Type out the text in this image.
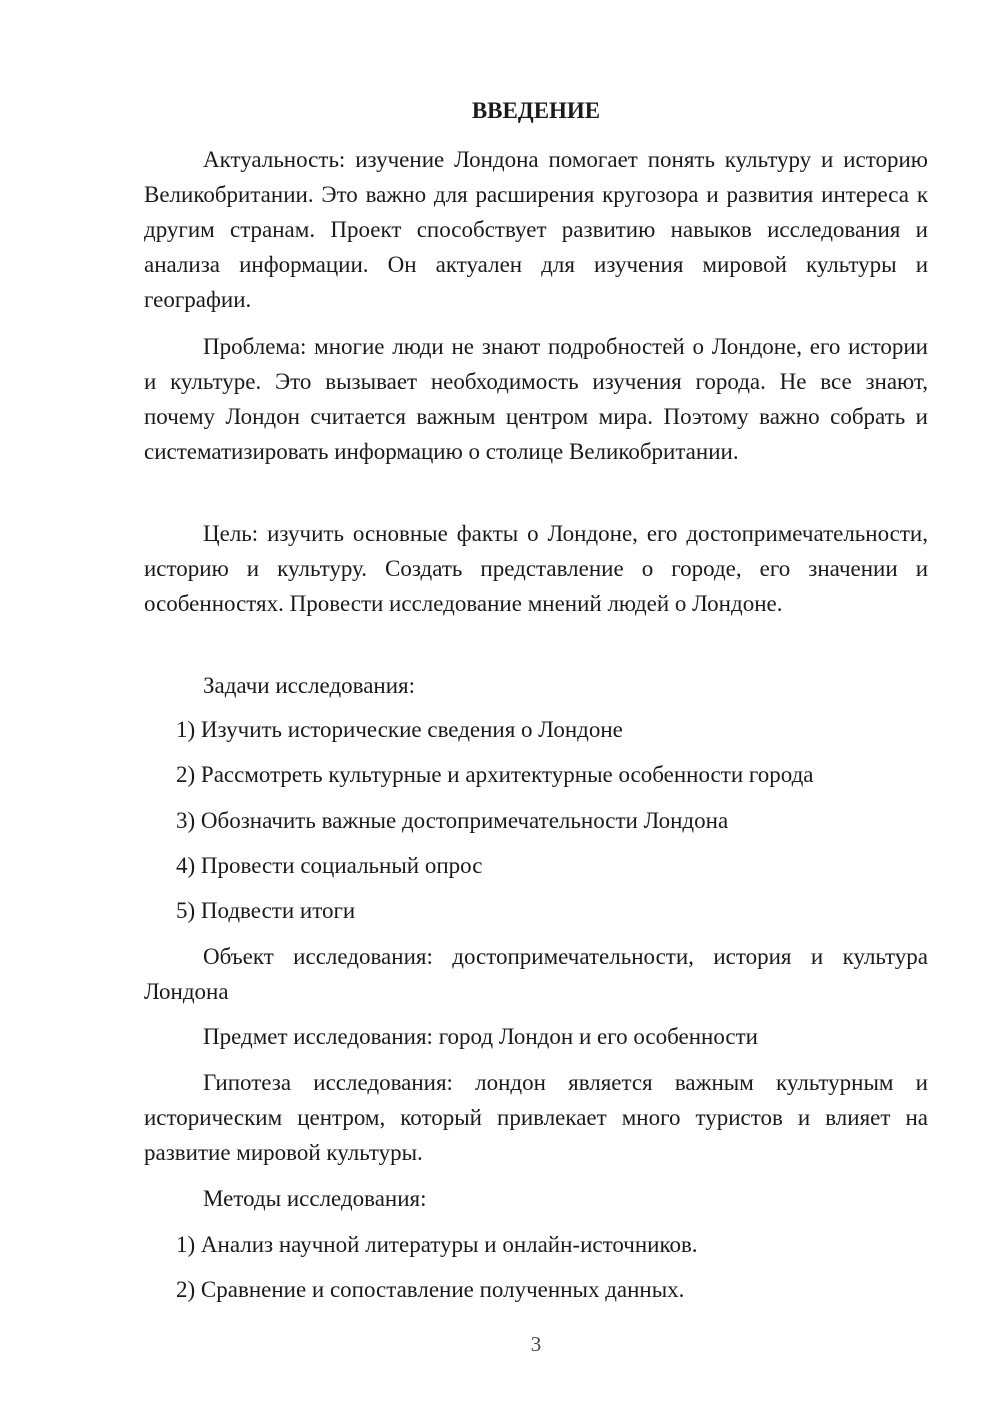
ВВЕДЕНИЕ

Актуальность: изучение Лондона помогает понять культуру и историю Великобритании. Это важно для расширения кругозора и развития интереса к другим странам. Проект способствует развитию навыков исследования и анализа информации. Он актуален для изучения мировой культуры и географии.

Проблема: многие люди не знают подробностей о Лондоне, его истории и культуре. Это вызывает необходимость изучения города. Не все знают, почему Лондон считается важным центром мира. Поэтому важно собрать и систематизировать информацию о столице Великобритании.

Цель: изучить основные факты о Лондоне, его достопримечательности, историю и культуру. Создать представление о городе, его значении и особенностях. Провести исследование мнений людей о Лондоне.

Задачи исследования:

1) Изучить исторические сведения о Лондоне

2) Рассмотреть культурные и архитектурные особенности города

3) Обозначить важные достопримечательности Лондона

4) Провести социальный опрос

5) Подвести итоги

Объект исследования: достопримечательности, история и культура Лондона

Предмет исследования: город Лондон и его особенности

Гипотеза исследования: лондон является важным культурным и историческим центром, который привлекает много туристов и влияет на развитие мировой культуры.

Методы исследования:

1) Анализ научной литературы и онлайн-источников.

2) Сравнение и сопоставление полученных данных.

3
